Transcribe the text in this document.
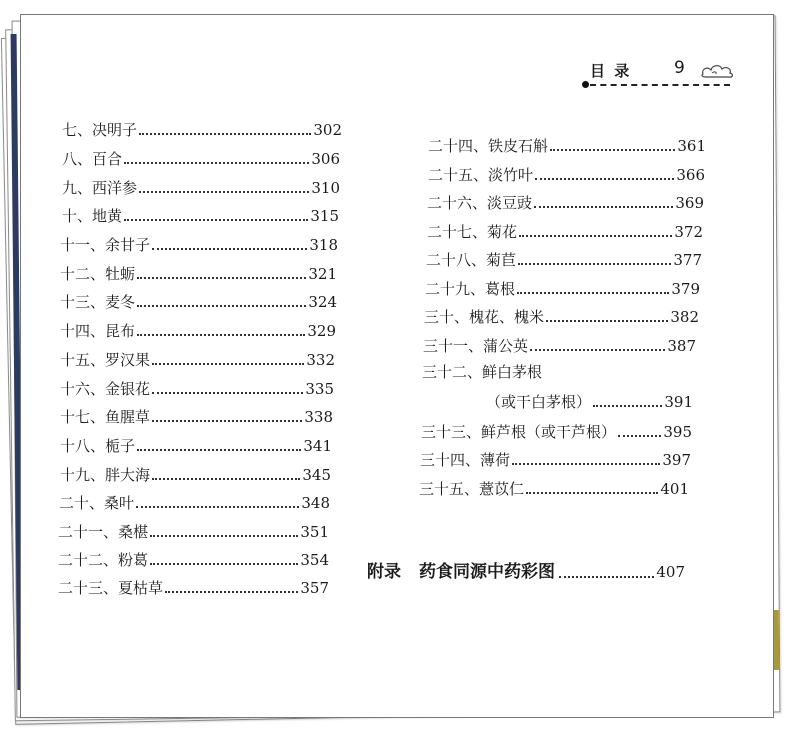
目 录	9
七、决明子	302
八、百合	306
九、西洋参	310
十、地黄	315
十一、余甘子	318
十二、牡蛎	321
十三、麦冬	324
十四、昆布	329
十五、罗汉果	332
十六、金银花	335
十七、鱼腥草	338
十八、栀子	341
十九、胖大海	345
二十、桑叶	348
二十一、桑椹	351
二十二、粉葛	354
二十三、夏枯草	357
二十四、铁皮石斛	361
二十五、淡竹叶	366
二十六、淡豆豉	369
二十七、菊花	372
二十八、菊苣	377
二十九、葛根	379
三十、槐花、槐米	382
三十一、蒲公英	387
三十二、鲜白茅根
（或干白茅根）	391
三十三、鲜芦根（或干芦根）	395
三十四、薄荷	397
三十五、薏苡仁	401
附录 药食同源中药彩图	407
